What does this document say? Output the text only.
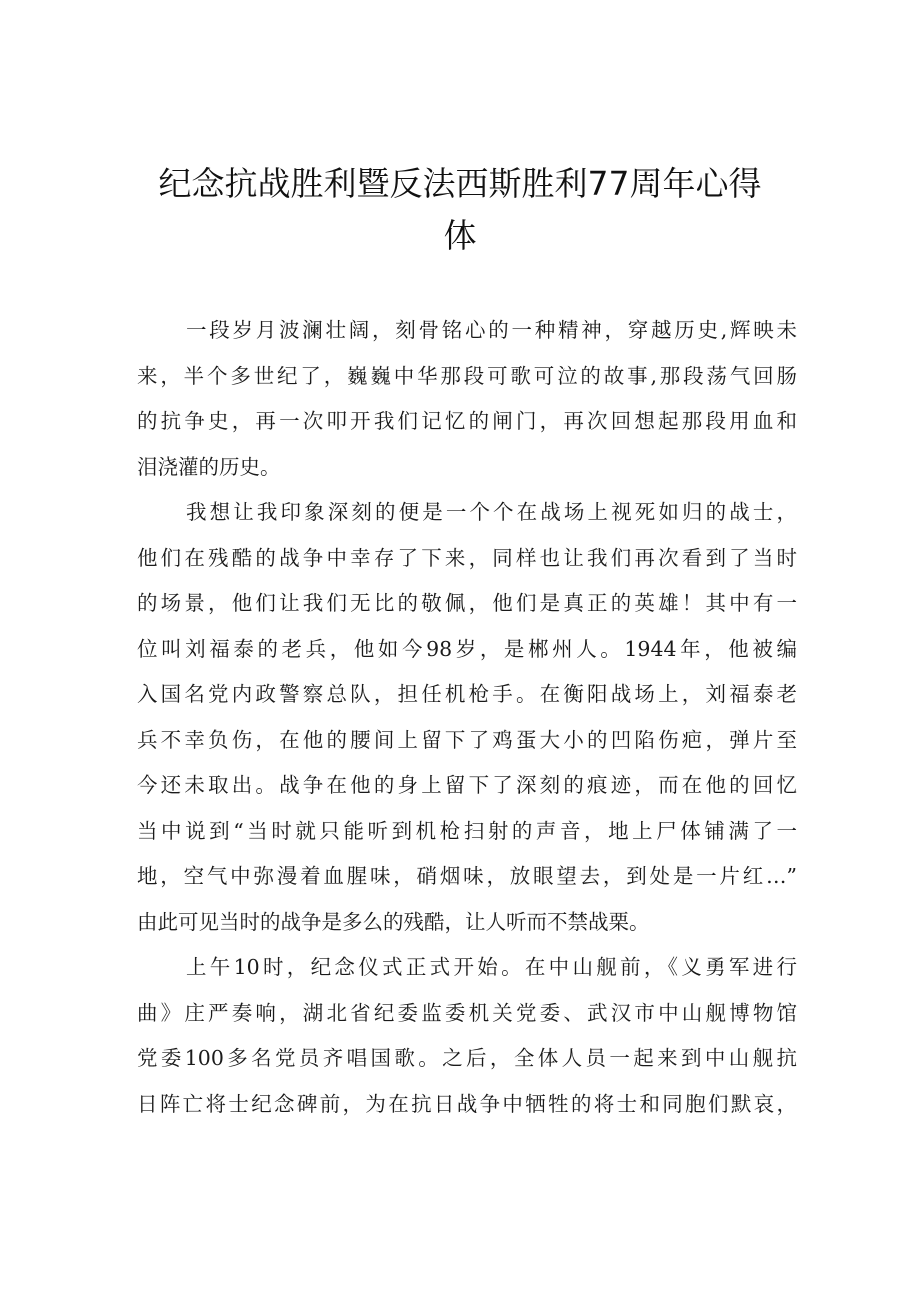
纪念抗战胜利暨反法西斯胜利77周年心得
体
一段岁月波澜壮阔，刻骨铭心的一种精神，穿越历史,辉映未
来，半个多世纪了，巍巍中华那段可歌可泣的故事,那段荡气回肠
的抗争史，再一次叩开我们记忆的闸门，再次回想起那段用血和
泪浇灌的历史。
我想让我印象深刻的便是一个个在战场上视死如归的战士，
他们在残酷的战争中幸存了下来，同样也让我们再次看到了当时
的场景，他们让我们无比的敬佩，他们是真正的英雄！其中有一
位叫刘福泰的老兵，他如今98岁，是郴州人。1944年，他被编
入国名党内政警察总队，担任机枪手。在衡阳战场上，刘福泰老
兵不幸负伤，在他的腰间上留下了鸡蛋大小的凹陷伤疤，弹片至
今还未取出。战争在他的身上留下了深刻的痕迹，而在他的回忆
当中说到“当时就只能听到机枪扫射的声音，地上尸体铺满了一
地，空气中弥漫着血腥味，硝烟味，放眼望去，到处是一片红…”
由此可见当时的战争是多么的残酷，让人听而不禁战栗。
上午10时，纪念仪式正式开始。在中山舰前，《义勇军进行
曲》庄严奏响，湖北省纪委监委机关党委、武汉市中山舰博物馆
党委100多名党员齐唱国歌。之后，全体人员一起来到中山舰抗
日阵亡将士纪念碑前，为在抗日战争中牺牲的将士和同胞们默哀，
